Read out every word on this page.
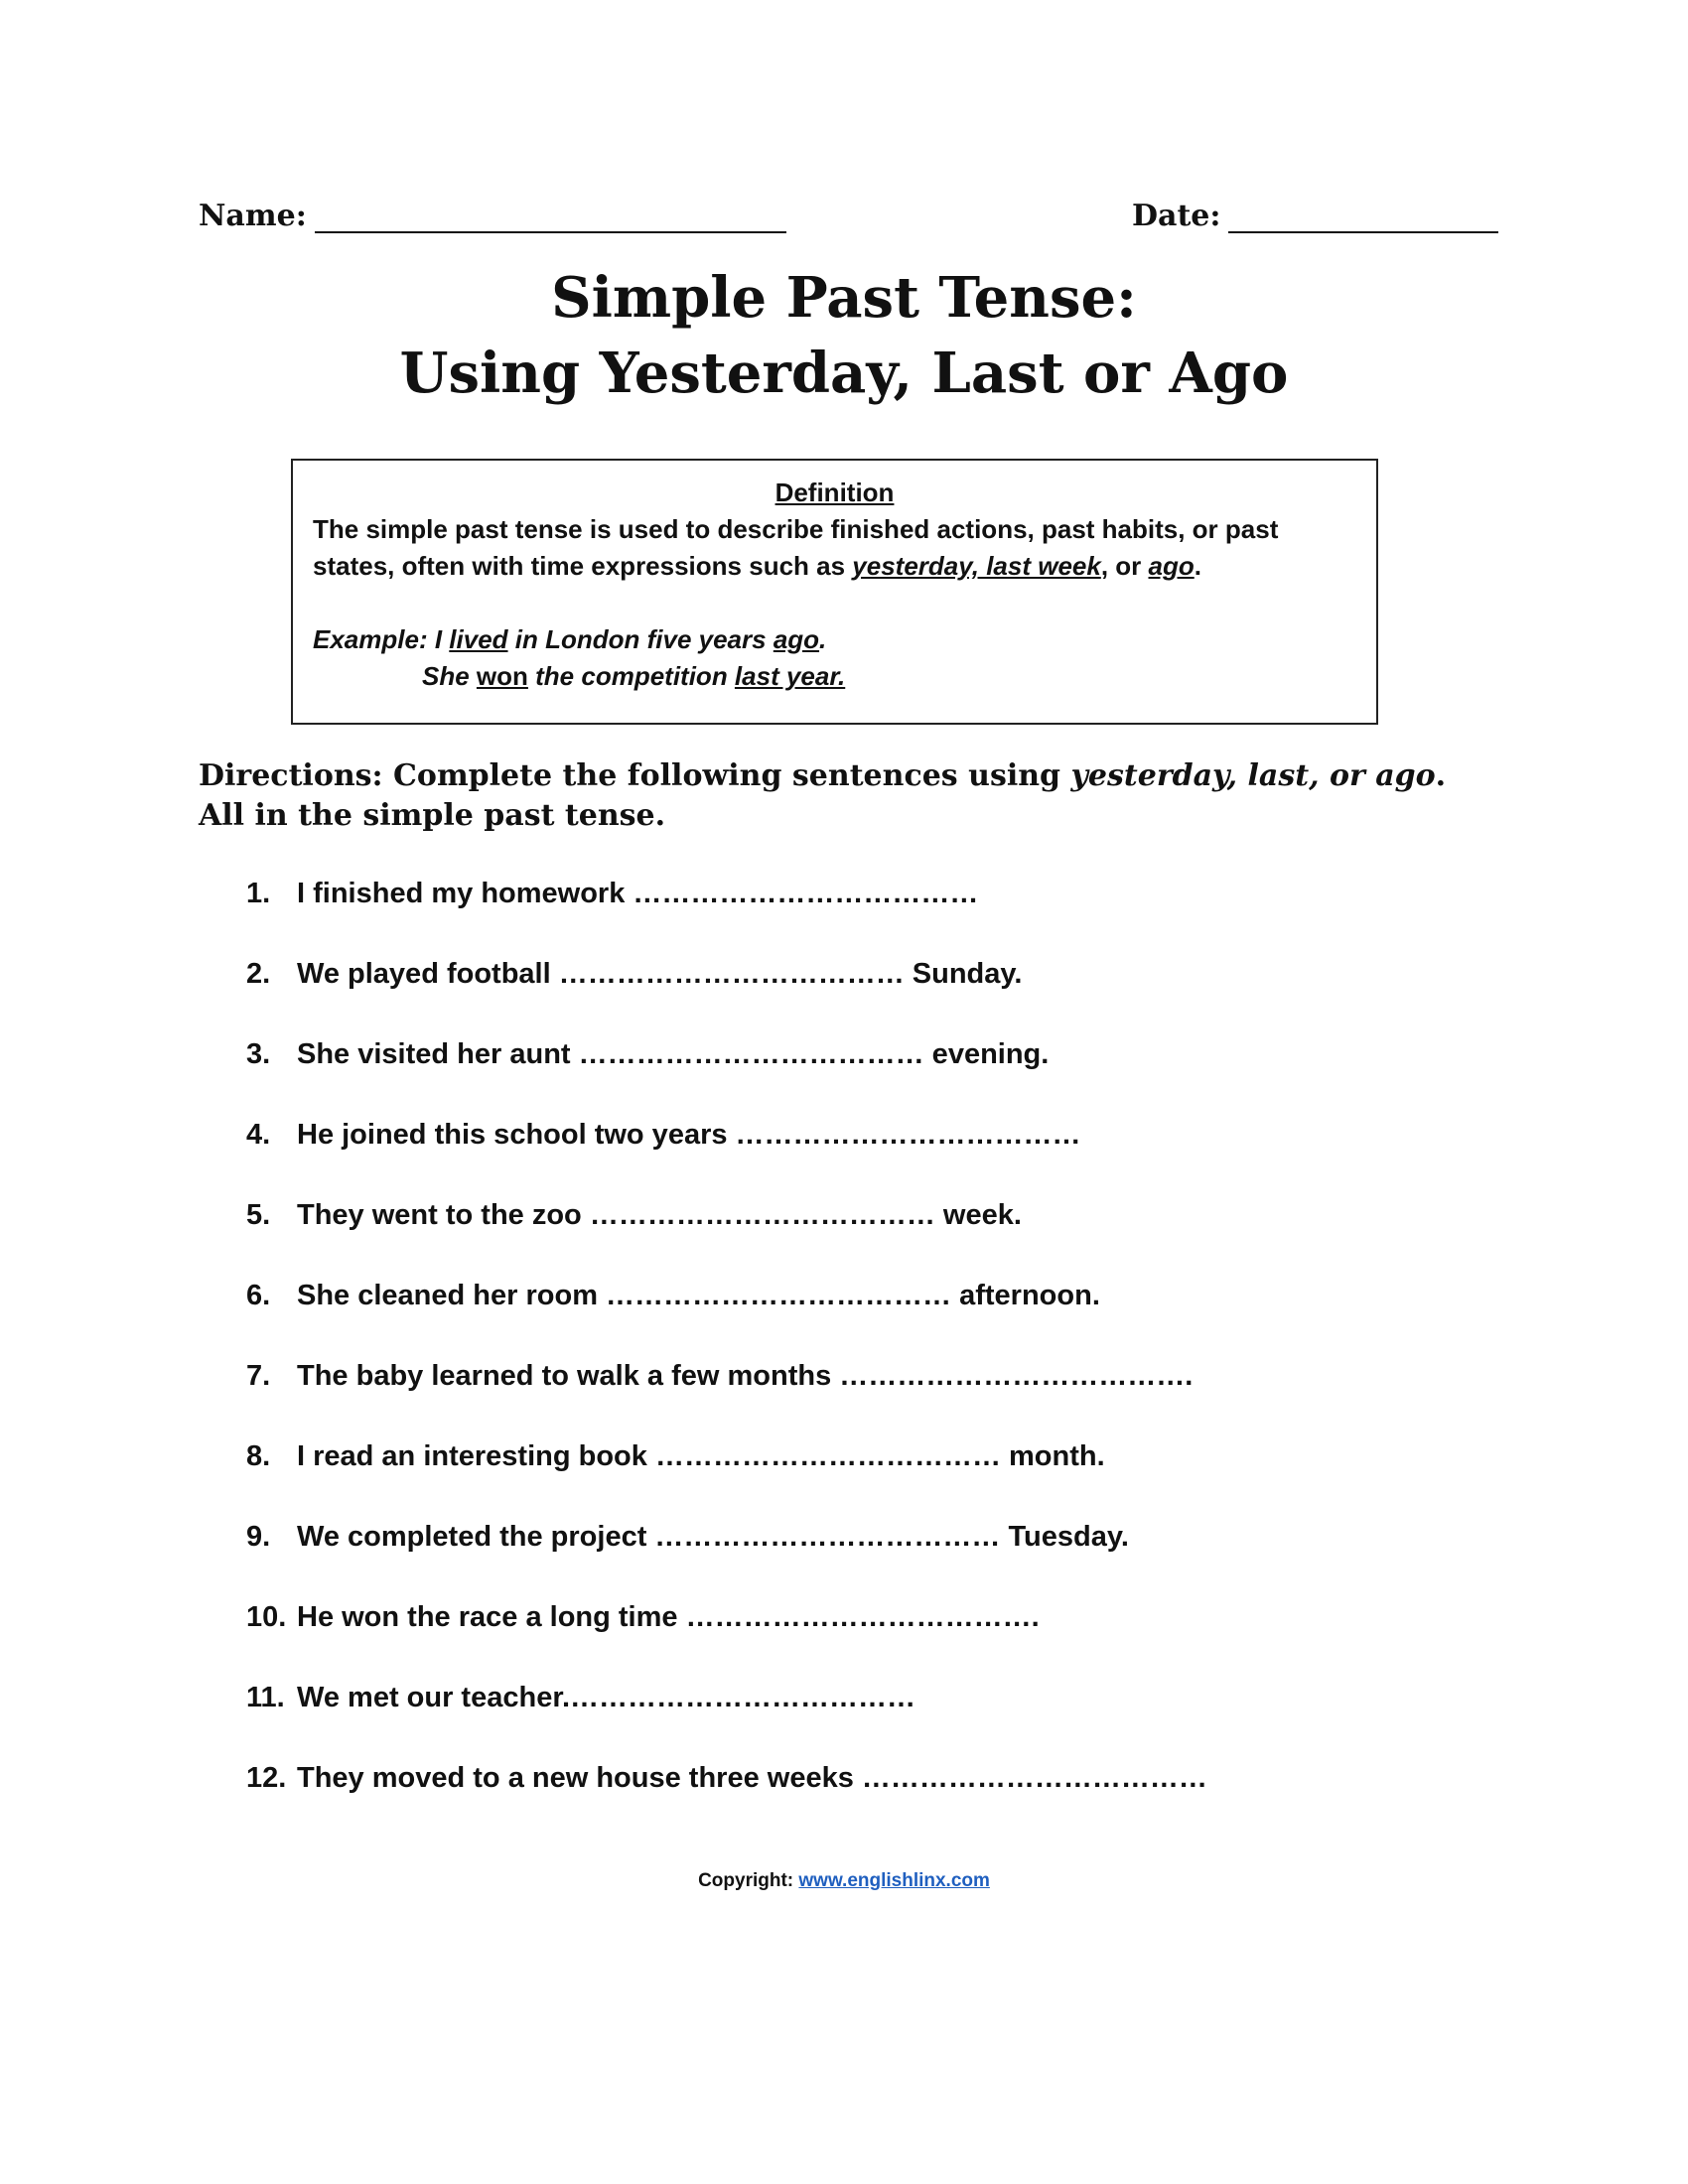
Name:	Date:
Simple Past Tense:
Using Yesterday, Last or Ago
Definition

The simple past tense is used to describe finished actions, past habits, or past states, often with time expressions such as yesterday, last week, or ago.

Example: I lived in London five years ago.
She won the competition last year.

Directions: Complete the following sentences using yesterday, last, or ago. All in the simple past tense.

1. I finished my homework ………………………………
2. We played football ……………………………… Sunday.
3. She visited her aunt ……………………………… evening.
4. He joined this school two years ………………………………
5. They went to the zoo ……………………………… week.
6. She cleaned her room ……………………………… afternoon.
7. The baby learned to walk a few months ……………………………….
8. I read an interesting book ……………………………… month.
9. We completed the project ……………………………… Tuesday.
10. He won the race a long time ……………………………….
11. We met our teacher.………………………………
12. They moved to a new house three weeks ………………………………
Copyright: www.englishlinx.com
